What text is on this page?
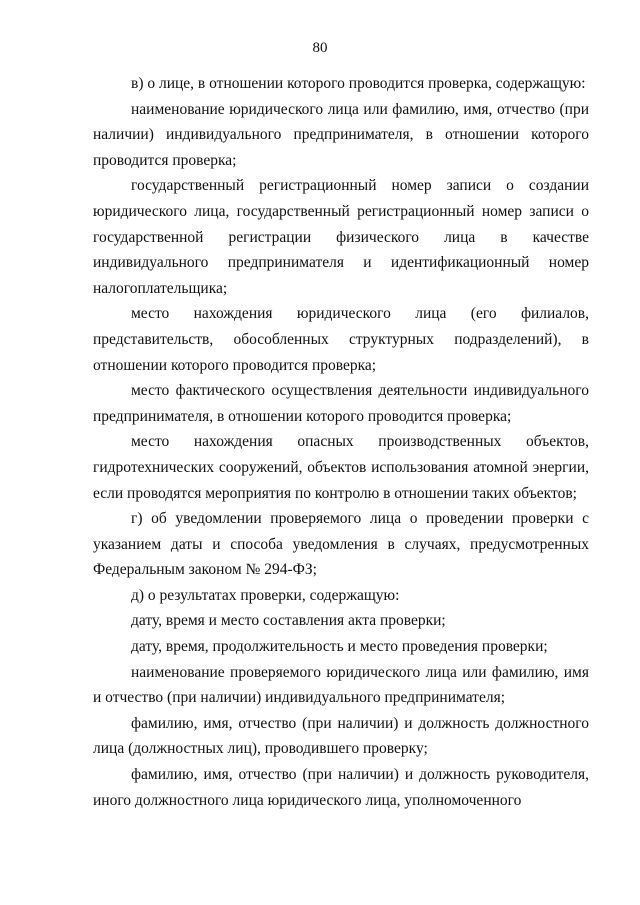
80

в) о лице, в отношении которого проводится проверка, содержащую:

наименование юридического лица или фамилию, имя, отчество (при наличии) индивидуального предпринимателя, в отношении которого проводится проверка;

государственный регистрационный номер записи о создании юридического лица, государственный регистрационный номер записи о государственной регистрации физического лица в качестве индивидуального предпринимателя и идентификационный номер налогоплательщика;

место нахождения юридического лица (его филиалов, представительств, обособленных структурных подразделений), в отношении которого проводится проверка;

место фактического осуществления деятельности индивидуального предпринимателя, в отношении которого проводится проверка;

место нахождения опасных производственных объектов, гидротехнических сооружений, объектов использования атомной энергии, если проводятся мероприятия по контролю в отношении таких объектов;

г) об уведомлении проверяемого лица о проведении проверки с указанием даты и способа уведомления в случаях, предусмотренных Федеральным законом № 294-ФЗ;

д) о результатах проверки, содержащую:

дату, время и место составления акта проверки;

дату, время, продолжительность и место проведения проверки;

наименование проверяемого юридического лица или фамилию, имя и отчество (при наличии) индивидуального предпринимателя;

фамилию, имя, отчество (при наличии) и должность должностного лица (должностных лиц), проводившего проверку;

фамилию, имя, отчество (при наличии) и должность руководителя, иного должностного лица юридического лица, уполномоченного
